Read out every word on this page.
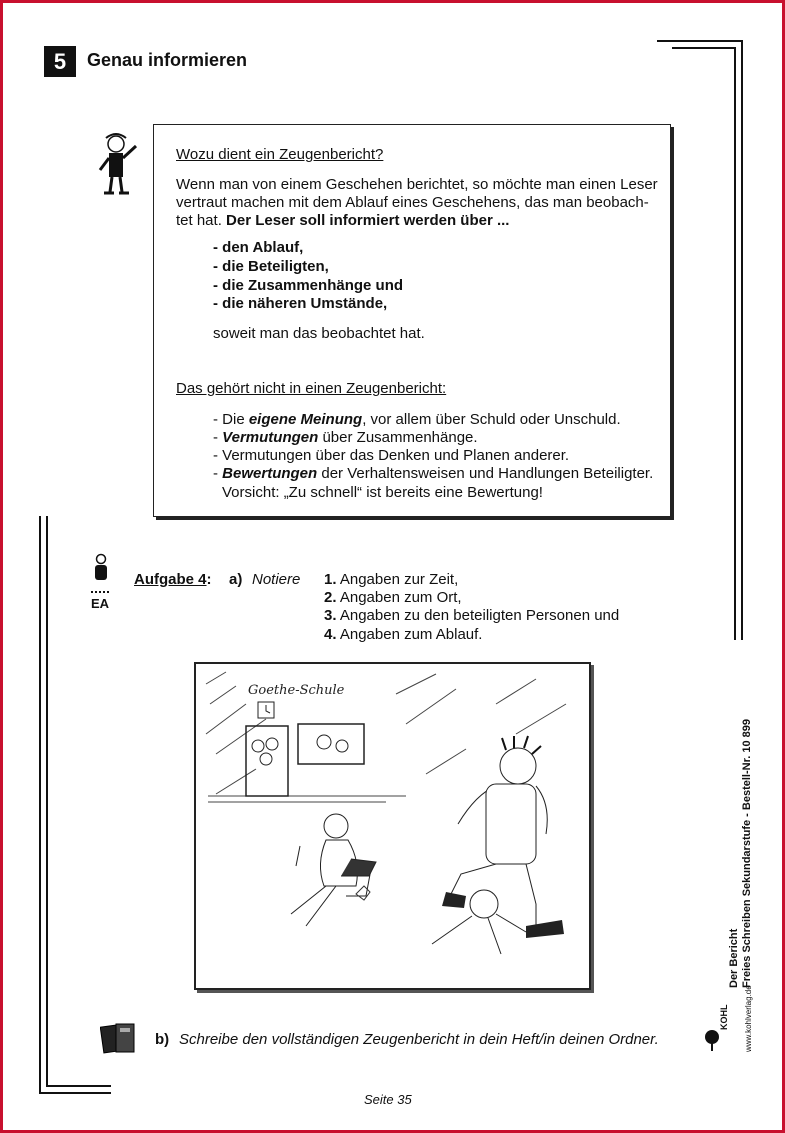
5	Genau informieren
Wozu dient ein Zeugenbericht?
Wenn man von einem Geschehen berichtet, so möchte man einen Leser
vertraut machen mit dem Ablauf eines Geschehens, das man beobach-
tet hat. Der Leser soll informiert werden über ...
- den Ablauf,
- die Beteiligten,
- die Zusammenhänge und
- die näheren Umstände,
soweit man das beobachtet hat.
Das gehört nicht in einen Zeugenbericht:
- Die eigene Meinung, vor allem über Schuld oder Unschuld.
- Vermutungen über Zusammenhänge.
- Vermutungen über das Denken und Planen anderer.
- Bewertungen der Verhaltensweisen und Handlungen Beteiligter.
Vorsicht: „Zu schnell“ ist bereits eine Bewertung!
EA
Aufgabe 4: a) Notiere 1. Angaben zur Zeit,
2. Angaben zum Ort,
3. Angaben zu den beteiligten Personen und
4. Angaben zum Ablauf.
Goethe-Schule
Der Bericht Freies Schreiben Sekundarstufe - Bestell-Nr. 10 899
KOHL www.kohlverlag.de
b) Schreibe den vollständigen Zeugenbericht in dein Heft/in deinen Ordner.
Seite 35
